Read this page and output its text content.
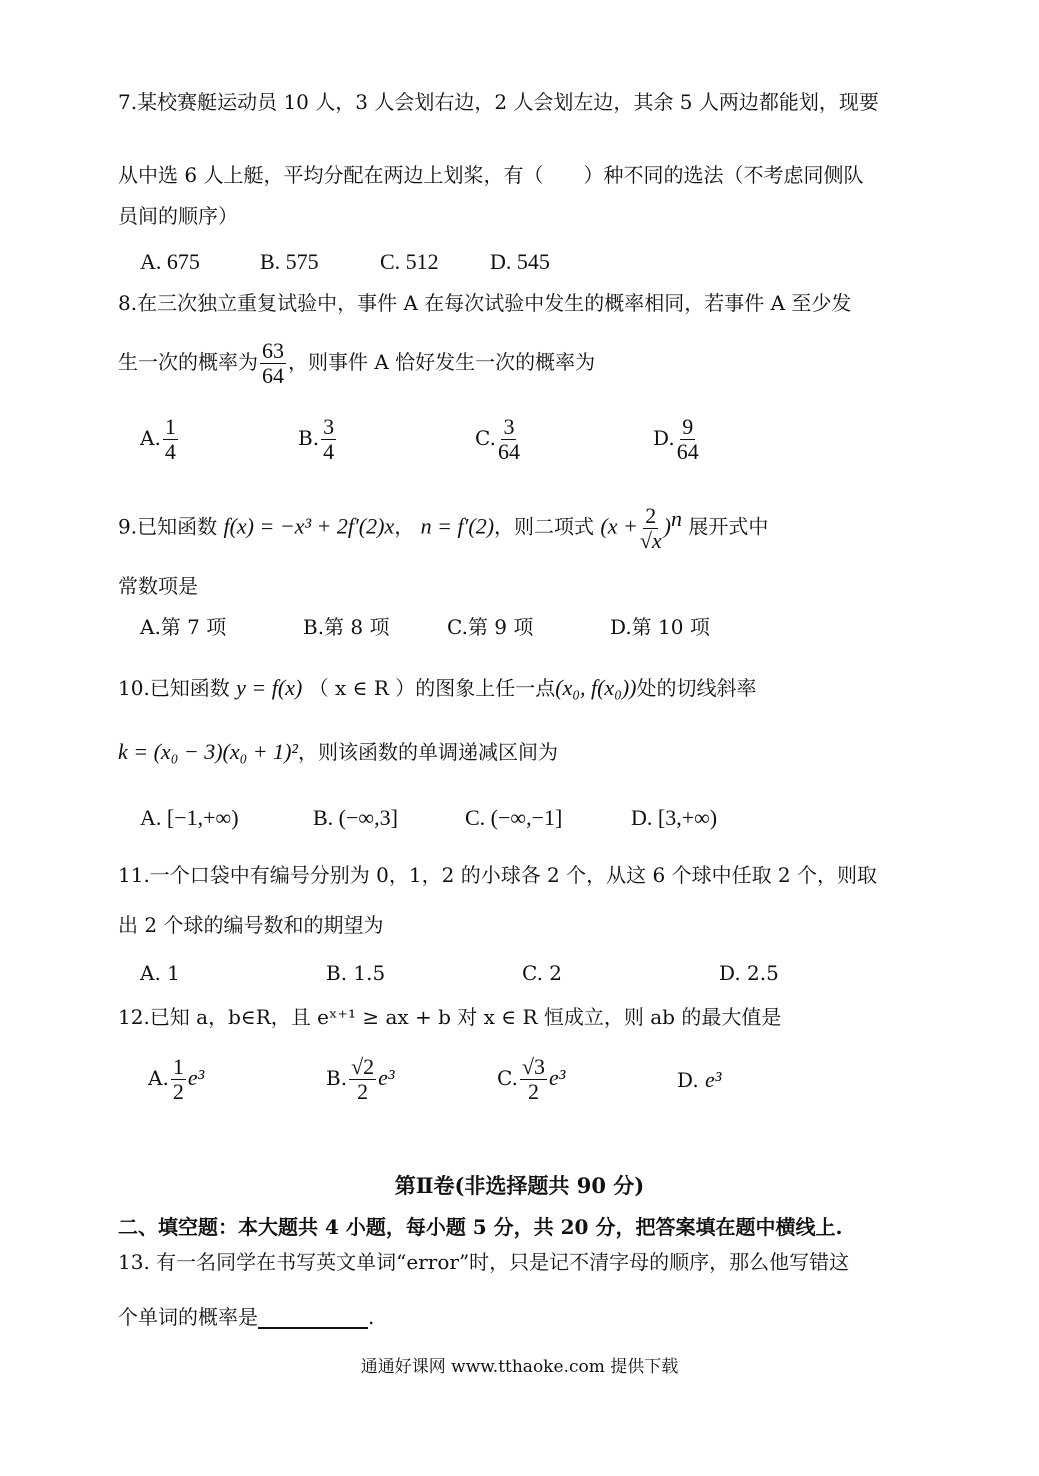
7.某校赛艇运动员 10 人，3 人会划右边，2 人会划左边，其余 5 人两边都能划，现要
从中选 6 人上艇，平均分配在两边上划桨，有（　　）种不同的选法（不考虑同侧队
员间的顺序）
A. 675	B. 575	C. 512 D. 545
8.在三次独立重复试验中，事件 A 在每次试验中发生的概率相同，若事件 A 至少发
生一次的概率为 $\frac{63}{64}$ ，则事件 A 恰好发生一次的概率为
A. $\frac{1}{4}$	B. $\frac{3}{4}$	C. $\frac{3}{64}$	D. $\frac{9}{64}$
9.已知函数 f(x) = −x³ + 2f′(2)x， n = f′(2)，则二项式 $(x + \frac{2}{√x} )^n$ 展开式中
常数项是
A.第 7 项	B.第 8 项	C.第 9 项	D.第 10 项
10.已知函数 y = f(x) （ x ∈ R ）的图象上任一点(x₀, f(x₀))处的切线斜率
k = (x₀ − 3)(x₀ + 1)²，则该函数的单调递减区间为
A. [−1,+∞)	B. (−∞,3]	C. (−∞,−1]	D. [3,+∞)
11.一个口袋中有编号分别为 0，1，2 的小球各 2 个，从这 6 个球中任取 2 个，则取
出 2 个球的编号数和的期望为
A. 1	B. 1.5	C. 2	D. 2.5
12.已知 a，b∈R，且 eˣ⁺¹ ≥ ax + b 对 x ∈ R 恒成立，则 ab 的最大值是
A. $\frac{1}{2} e^3$	B. $\frac{√2}{2} e^3$	C. $\frac{√3}{2} e^3$	D. e³
第Ⅱ卷(非选择题共 90 分)
二、填空题：本大题共 4 小题，每小题 5 分，共 20 分，把答案填在题中横线上.
13. 有一名同学在书写英文单词“error”时，只是记不清字母的顺序，那么他写错这
个单词的概率是	.
通通好课网 www.tthaoke.com 提供下载
